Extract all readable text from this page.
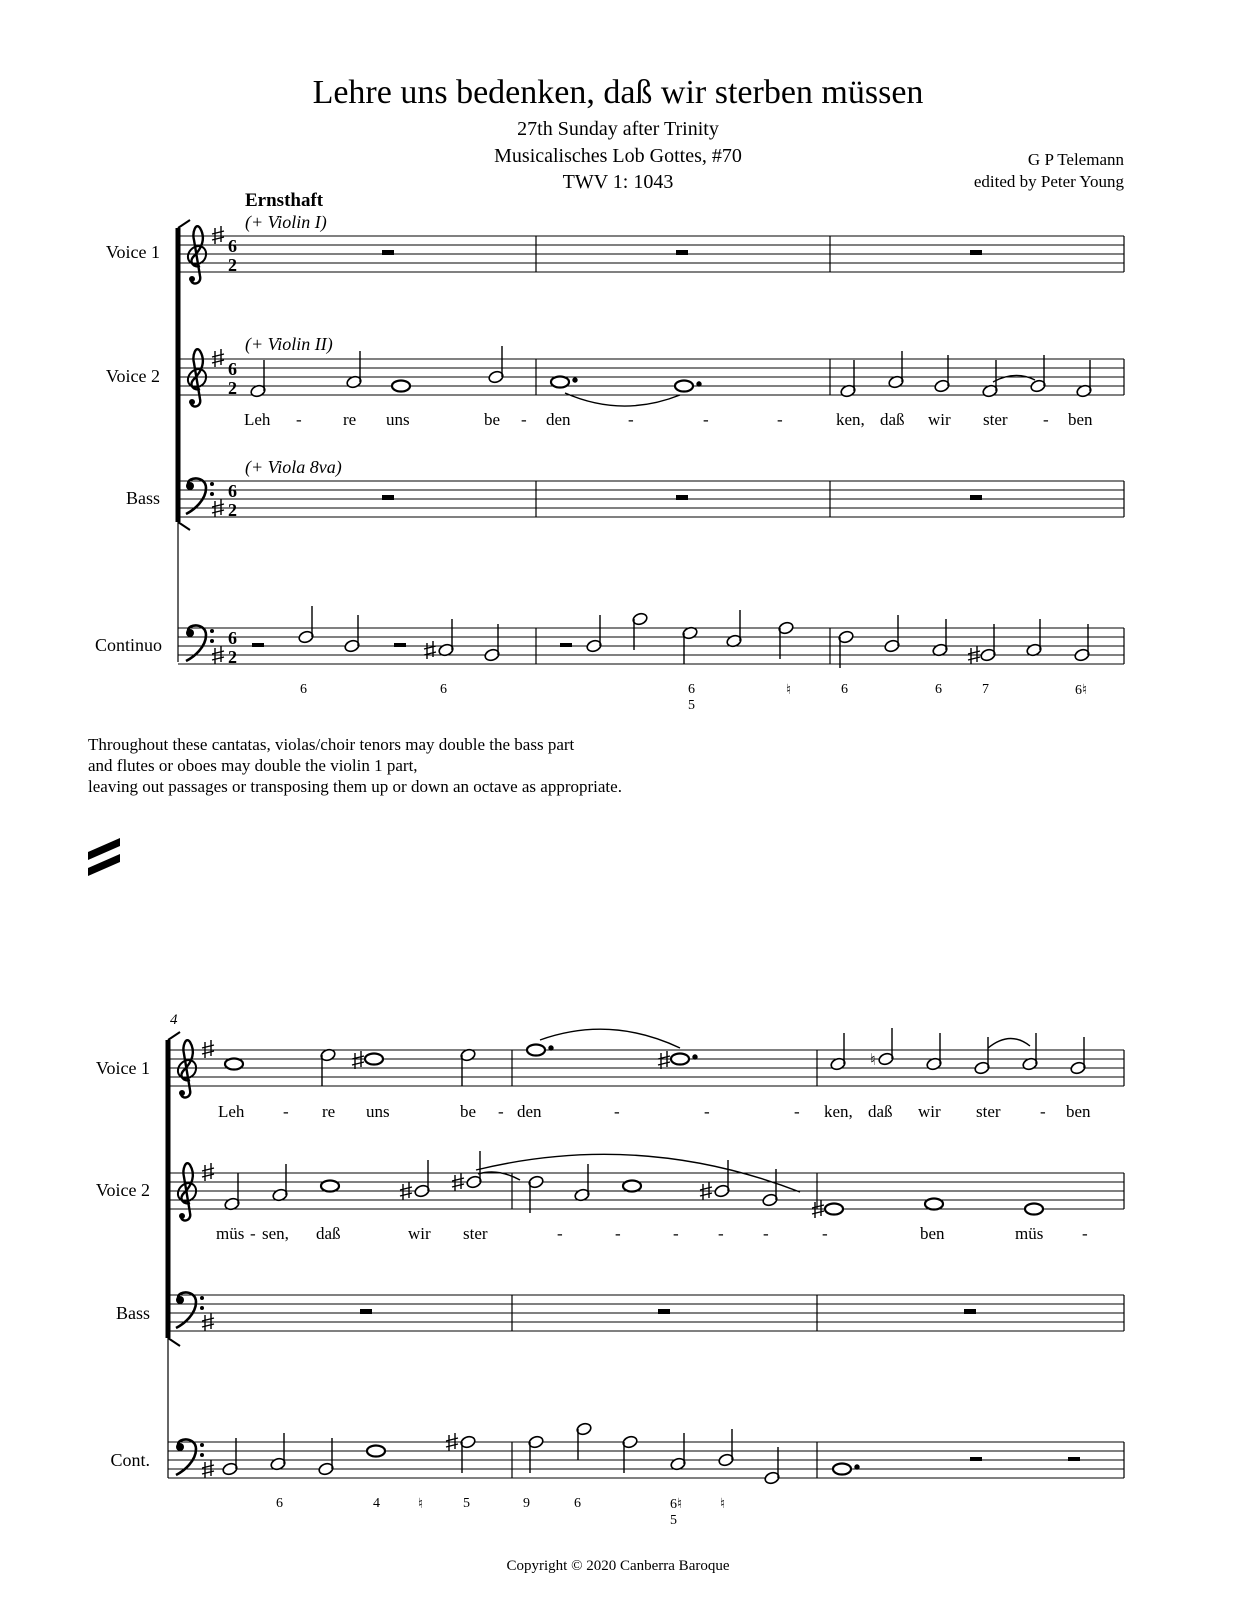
Lehre uns bedenken, daß wir sterben müssen
27th Sunday after Trinity
Musicalisches Lob Gottes, #70
TWV 1: 1043
G P Telemann
edited by Peter Young
Ernsthaft
(+ Violin I)
(+ Violin II)
(+ Viola 8va)
Voice 1
Voice 2
Bass
Continuo
Leh - re uns	be - den	-	-	-	ken, daß wir ster - ben
6	6	6
5
♮	6	6	7	6♮
Throughout these cantatas, violas/choir tenors may double the bass part
and flutes or oboes may double the violin 1 part,
leaving out passages or transposing them up or down an octave as appropriate.
4
Voice 1
Voice 2
Bass
Cont.
Leh - re uns	be - den	-	-	- ken, daß wir ster - ben
müs - sen, daß	wir ster	-	-	- - -	-	ben	müs -
6	4	♮	5	9	6	6♮
5
♮
Copyright © 2020 Canberra Baroque
6
2
6
2
6
2
6
2
♮
